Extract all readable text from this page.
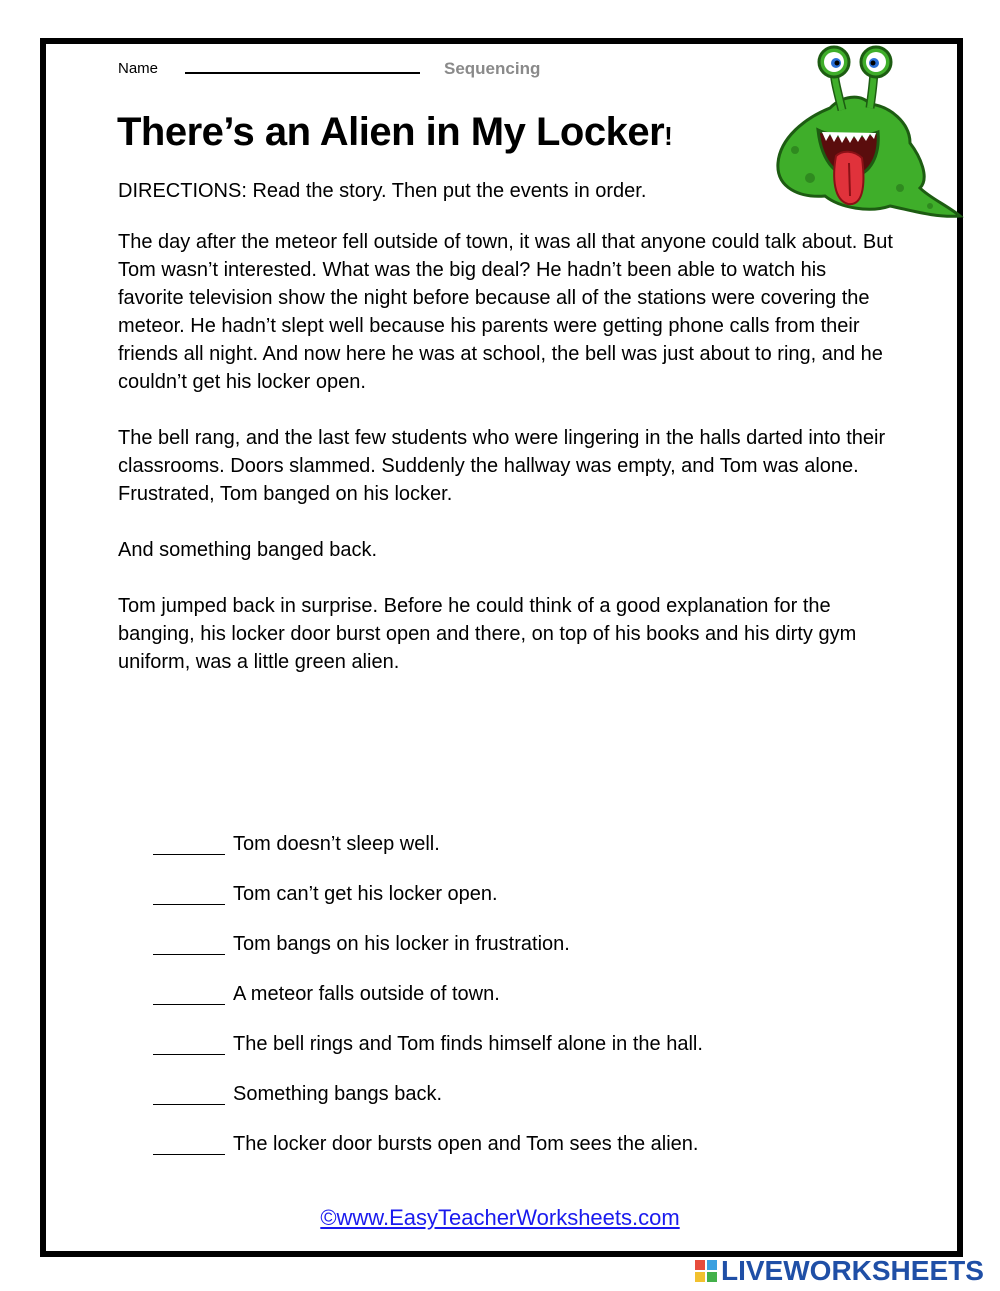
Name	Sequencing
There’s an Alien in My Locker!
DIRECTIONS: Read the story. Then put the events in order.

The day after the meteor fell outside of town, it was all that anyone could talk about. But Tom wasn’t interested. What was the big deal? He hadn’t been able to watch his favorite television show the night before because all of the stations were covering the meteor. He hadn’t slept well because his parents were getting phone calls from their friends all night. And now here he was at school, the bell was just about to ring, and he couldn’t get his locker open.

The bell rang, and the last few students who were lingering in the halls darted into their classrooms. Doors slammed. Suddenly the hallway was empty, and Tom was alone. Frustrated, Tom banged on his locker.

And something banged back.

Tom jumped back in surprise. Before he could think of a good explanation for the banging, his locker door burst open and there, on top of his books and his dirty gym uniform, was a little green alien.

Tom doesn’t sleep well.
Tom can’t get his locker open.
Tom bangs on his locker in frustration.
A meteor falls outside of town.
The bell rings and Tom finds himself alone in the hall.
Something bangs back.
The locker door bursts open and Tom sees the alien.
©www.EasyTeacherWorksheets.com
LIVEWORKSHEETS
